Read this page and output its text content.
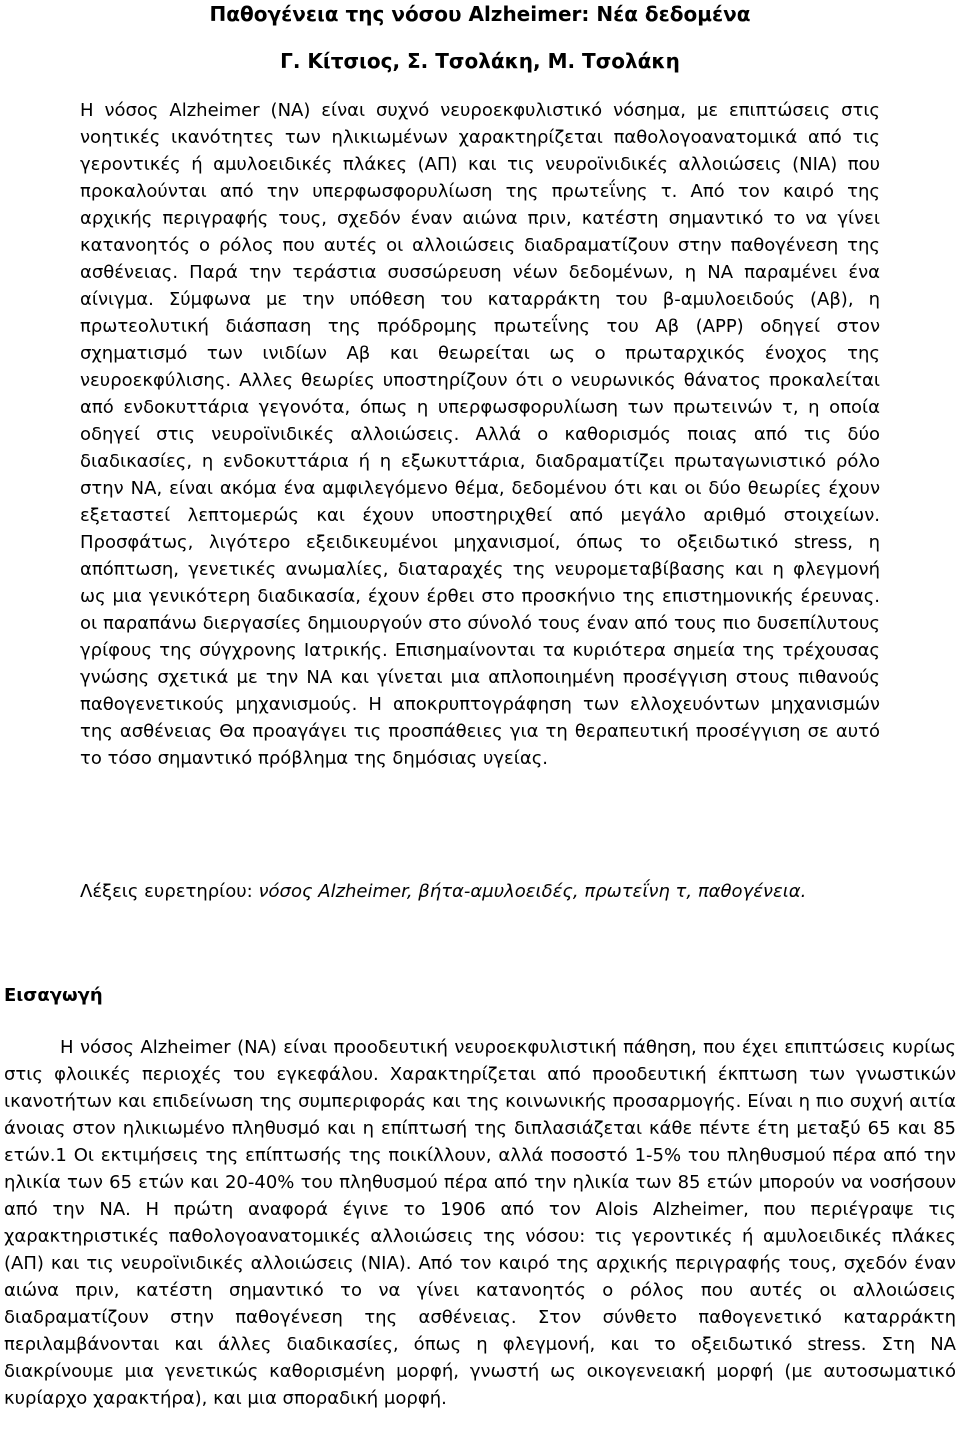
Παθογένεια της νόσου Alzheimer: Νέα δεδομένα
Γ. Κίτσιος, Σ. Τσολάκη, Μ. Τσολάκη

Η νόσος Alzheimer (ΝΑ) είναι συχνό νευροεκφυλιστικό νόσημα, με επιπτώσεις στις νοητικές ικανότητες των ηλικιωμένων χαρακτηρίζεται παθολογοανατομικά από τις γεροντικές ή αμυλοειδικές πλάκες (ΑΠ) και τις νευροϊνιδικές αλλοιώσεις (ΝΙΑ) που προκαλούνται από την υπερφωσφορυλίωση της πρωτεΐνης τ. Από τον καιρό της αρχικής περιγραφής τους, σχεδόν έναν αιώνα πριν, κατέστη σημαντικό το να γίνει κατανοητός ο ρόλος που αυτές οι αλλοιώσεις διαδραματίζουν στην παθογένεση της ασθένειας. Παρά την τεράστια συσσώρευση νέων δεδομένων, η ΝΑ παραμένει ένα αίνιγμα. Σύμφωνα με την υπόθεση του καταρράκτη του β-αμυλοειδούς (Αβ), η πρωτεολυτική διάσπαση της πρόδρομης πρωτεΐνης του Αβ (APP) οδηγεί στον σχηματισμό των ινιδίων Αβ και θεωρείται ως ο πρωταρχικός ένοχος της νευροεκφύλισης. Αλλες θεωρίες υποστηρίζουν ότι ο νευρωνικός θάνατος προκαλείται από ενδοκυττάρια γεγονότα, όπως η υπερφωσφορυλίωση των πρωτεινών τ, η οποία οδηγεί στις νευροϊνιδικές αλλοιώσεις. Αλλά ο καθορισμός ποιας από τις δύο διαδικασίες, η ενδοκυττάρια ή η εξωκυττάρια, διαδραματίζει πρωταγωνιστικό ρόλο στην ΝΑ, είναι ακόμα ένα αμφιλεγόμενο θέμα, δεδομένου ότι και οι δύο θεωρίες έχουν εξεταστεί λεπτομερώς και έχουν υποστηριχθεί από μεγάλο αριθμό στοιχείων. Προσφάτως, λιγότερο εξειδικευμένοι μηχανισμοί, όπως το οξειδωτικό stress, η απόπτωση, γενετικές ανωμαλίες, διαταραχές της νευρομεταβίβασης και η φλεγμονή ως μια γενικότερη διαδικασία, έχουν έρθει στο προσκήνιο της επιστημονικής έρευνας. οι παραπάνω διεργασίες δημιουργούν στο σύνολό τους έναν από τους πιο δυσεπίλυτους γρίφους της σύγχρονης Ιατρικής. Επισημαίνονται τα κυριότερα σημεία της τρέχουσας γνώσης σχετικά με την ΝΑ και γίνεται μια απλοποιημένη προσέγγιση στους πιθανούς παθογενετικούς μηχανισμούς. Η αποκρυπτογράφηση των ελλοχευόντων μηχανισμών της ασθένειας Θα προαγάγει τις προσπάθειες για τη θεραπευτική προσέγγιση σε αυτό το τόσο σημαντικό πρόβλημα της δημόσιας υγείας.

Λέξεις ευρετηρίου: νόσος Alzheimer, βήτα-αμυλοειδές, πρωτεΐνη τ, παθογένεια.

Εισαγωγή

Η νόσος Alzheimer (ΝΑ) είναι προοδευτική νευροεκφυλιστική πάθηση, που έχει επιπτώσεις κυρίως στις φλοιικές περιοχές του εγκεφάλου. Χαρακτηρίζεται από προοδευτική έκπτωση των γνωστικών ικανοτήτων και επιδείνωση της συμπεριφοράς και της κοινωνικής προσαρμογής. Είναι η πιο συχνή αιτία άνοιας στον ηλικιωμένο πληθυσμό και η επίπτωσή της διπλασιάζεται κάθε πέντε έτη μεταξύ 65 και 85 ετών.1 Οι εκτιμήσεις της επίπτωσής της ποικίλλουν, αλλά ποσοστό 1-5% του πληθυσμού πέρα από την ηλικία των 65 ετών και 20-40% του πληθυσμού πέρα από την ηλικία των 85 ετών μπορούν να νοσήσουν από την ΝΑ. Η πρώτη αναφορά έγινε το 1906 από τον Alois Alzheimer, που περιέγραψε τις χαρακτηριστικές παθολογοανατομικές αλλοιώσεις της νόσου: τις γεροντικές ή αμυλοειδικές πλάκες (ΑΠ) και τις νευροϊνιδικές αλλοιώσεις (ΝΙΑ). Από τον καιρό της αρχικής περιγραφής τους, σχεδόν έναν αιώνα πριν, κατέστη σημαντικό το να γίνει κατανοητός ο ρόλος που αυτές οι αλλοιώσεις διαδραματίζουν στην παθογένεση της ασθένειας. Στον σύνθετο παθογενετικό καταρράκτη περιλαμβάνονται και άλλες διαδικασίες, όπως η φλεγμονή, και το οξειδωτικό stress. Στη ΝΑ διακρίνουμε μια γενετικώς καθορισμένη μορφή, γνωστή ως οικογενειακή μορφή (με αυτοσωματικό κυρίαρχο χαρακτήρα), και μια σποραδική μορφή.
